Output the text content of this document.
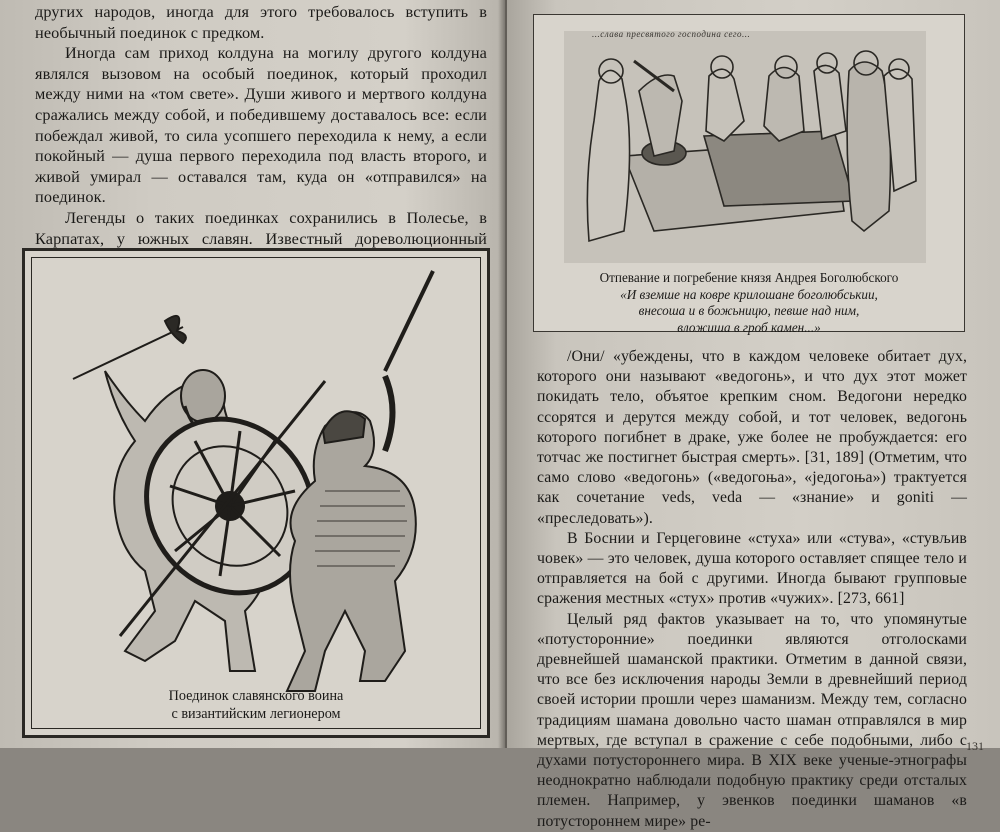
других народов, иногда для этого требовалось вступить в необычный поединок с предком.

Иногда сам приход колдуна на могилу другого колдуна являлся вызовом на особый поединок, который проходил между ними на «том свете». Души живого и мертвого колдуна сражались между собой, и победившему доставалось все: если побеждал живой, то сила усопшего переходила к нему, а если покойный — душа первого переходила под власть второго, и живой умирал — оставался там, куда он «отправился» на поединок.

Легенды о таких поединках сохранились в Полесье, в Карпатах, у южных славян. Известный дореволюционный

Поединок славянского воина
с византийским легионером
...слава пресвятого господина сего...
Отпевание и погребение князя Андрея Боголюбского
«И вземше на ковре крилошане боголюбськии,
внесоша и в божьницю, певше над ним,
вложиша в гроб камен...»

/Они/ «убеждены, что в каждом человеке обитает дух, которого они называют «ведогонь», и что дух этот может покидать тело, объятое крепким сном. Ведогони нередко ссорятся и дерутся между собой, и тот человек, ведогонь которого погибнет в драке, уже более не пробуждается: его тотчас же постигнет быстрая смерть». [31, 189] (Отметим, что само слово «ведогонь» («ведогоња», «једогоња») трактуется как сочетание veds, veda — «знание» и goniti — «преследовать»).

В Боснии и Герцеговине «стуха» или «стува», «стувљив човек» — это человек, душа которого оставляет спящее тело и отправляется на бой с другими. Иногда бывают групповые сражения местных «стух» против «чужих». [273, 661]

Целый ряд фактов указывает на то, что упомянутые «потусторонние» поединки являются отголосками древнейшей шаманской практики. Отметим в данной связи, что все без исключения народы Земли в древнейший период своей истории прошли через шаманизм. Между тем, согласно традициям шамана довольно часто шаман отправлялся в мир мертвых, где вступал в сражение с себе подобными, либо с духами потустороннего мира. В XIX веке ученые-этнографы неоднократно наблюдали подобную практику среди отсталых племен. Например, у эвенков поединки шаманов «в потустороннем мире» ре-

131
